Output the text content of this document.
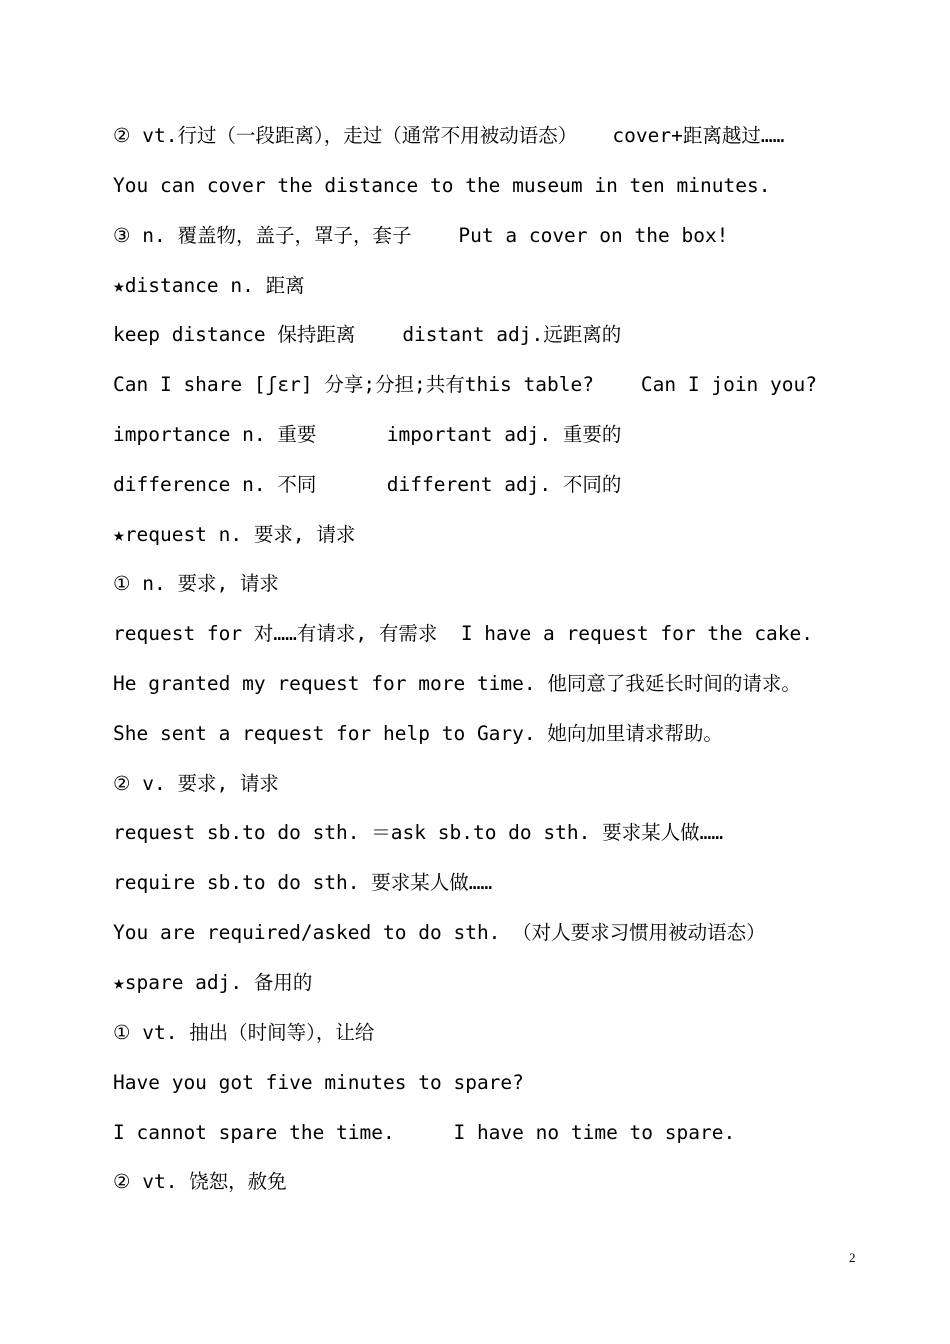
② vt.行过（一段距离），走过（通常不用被动语态）   cover+距离越过……
You can cover the distance to the museum in ten minutes.
③ n. 覆盖物，盖子，罩子，套子    Put a cover on the box!
★distance n. 距离
keep distance 保持距离    distant adj.远距离的
Can I share [ʃɛr] 分享;分担;共有this table?    Can I join you?
importance n. 重要      important adj. 重要的
difference n. 不同      different adj. 不同的
★request n. 要求, 请求
① n. 要求, 请求
request for 对……有请求, 有需求  I have a request for the cake.
He granted my request for more time. 他同意了我延长时间的请求。
She sent a request for help to Gary. 她向加里请求帮助。
② v. 要求, 请求
request sb.to do sth. ＝ask sb.to do sth. 要求某人做……
require sb.to do sth. 要求某人做……
You are required/asked to do sth. （对人要求习惯用被动语态）
★spare adj. 备用的
① vt. 抽出（时间等），让给
Have you got five minutes to spare?
I cannot spare the time.     I have no time to spare.
② vt. 饶恕，赦免
2
